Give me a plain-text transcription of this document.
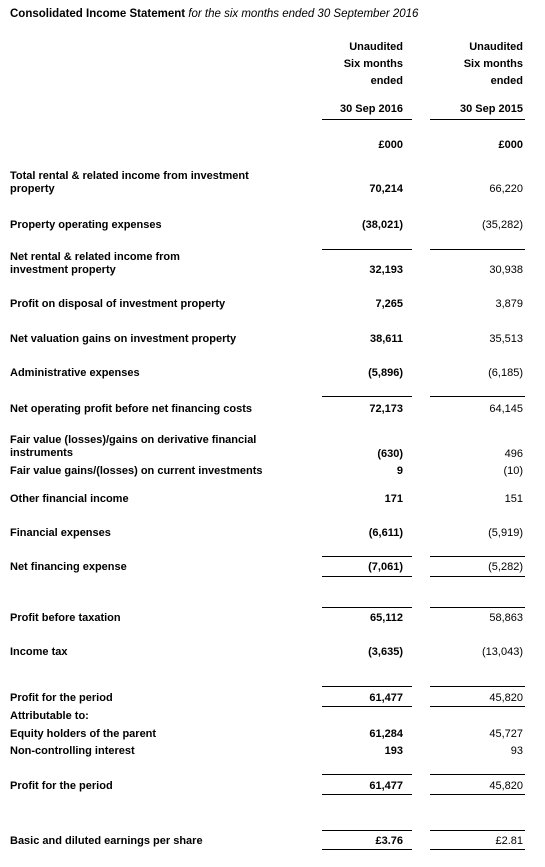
Consolidated Income Statement for the six months ended 30 September 2016
Unaudited
Six months
ended
Unaudited
Six months
ended
30 Sep 2016	30 Sep 2015
£000	£000
Total rental & related income from investment
property	70,214	66,220
Property operating expenses	(38,021)	(35,282)
Net rental & related income from
investment property	32,193	30,938
Profit on disposal of investment property	7,265	3,879
Net valuation gains on investment property	38,611	35,513
Administrative expenses	(5,896)	(6,185)
Net operating profit before net financing costs	72,173	64,145
Fair value (losses)/gains on derivative financial
instruments	(630)	496
Fair value gains/(losses) on current investments	9	(10)
Other financial income	171	151
Financial expenses	(6,611)	(5,919)
Net financing expense	(7,061)	(5,282)
Profit before taxation	65,112	58,863
Income tax	(3,635)	(13,043)
Profit for the period	61,477	45,820
Attributable to:
Equity holders of the parent	61,284	45,727
Non-controlling interest	193	93
Profit for the period	61,477	45,820
Basic and diluted earnings per share	£3.76	£2.81
